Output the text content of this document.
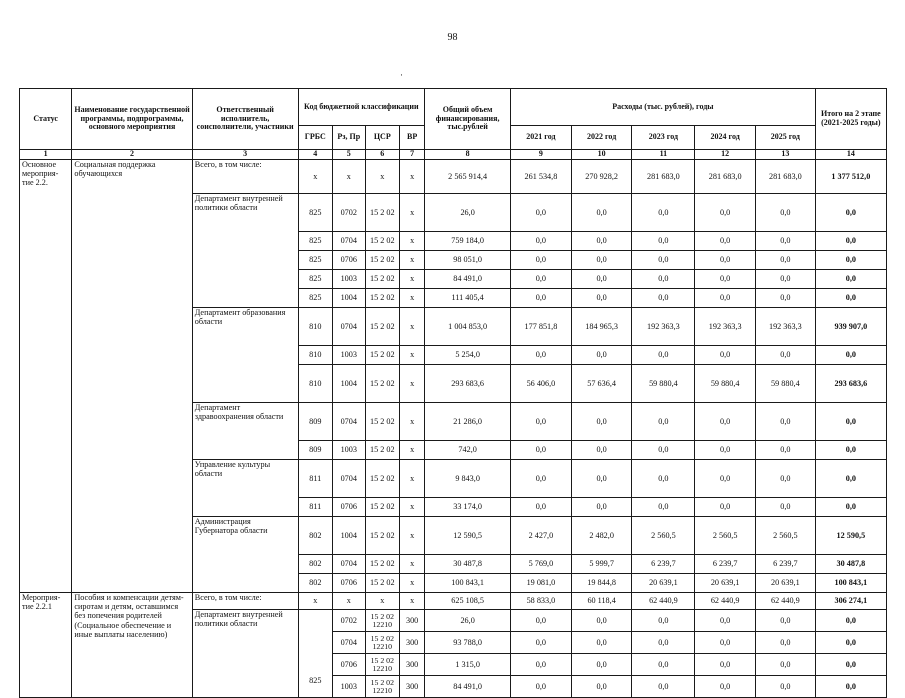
98
·
Статус	Наименование государственной программы, подпрограммы, основного мероприятия	Ответственный исполнитель, соисполнители, участники	Код бюджетной классификации				Общий объем финансирования, тыс.рублей	Расходы (тыс. рублей), годы					Итого на 2 этапе (2021-2025 годы)
			ГРБС	Рз, Пр	ЦСР	ВР		2021 год	2022 год	2023 год	2024 год	2025 год	
1	2	3	4	5	6	7	8	9	10	11	12	13	14
Основное мероприя-тие 2.2.	Социальная поддержка обучающихся	Всего, в том числе:	х	х	х	х	2 565 914,4	261 534,8	270 928,2	281 683,0	281 683,0	281 683,0	1 377 512,0
		Департамент внутренней политики области	825	0702	15 2 02	х	26,0	0,0	0,0	0,0	0,0	0,0	0,0
			825	0704	15 2 02	х	759 184,0	0,0	0,0	0,0	0,0	0,0	0,0
			825	0706	15 2 02	х	98 051,0	0,0	0,0	0,0	0,0	0,0	0,0
			825	1003	15 2 02	х	84 491,0	0,0	0,0	0,0	0,0	0,0	0,0
			825	1004	15 2 02	х	111 405,4	0,0	0,0	0,0	0,0	0,0	0,0
		Департамент образования области	810	0704	15 2 02	х	1 004 853,0	177 851,8	184 965,3	192 363,3	192 363,3	192 363,3	939 907,0
			810	1003	15 2 02	х	5 254,0	0,0	0,0	0,0	0,0	0,0	0,0
			810	1004	15 2 02	х	293 683,6	56 406,0	57 636,4	59 880,4	59 880,4	59 880,4	293 683,6
		Департамент здравоохранения области	809	0704	15 2 02	х	21 286,0	0,0	0,0	0,0	0,0	0,0	0,0
			809	1003	15 2 02	х	742,0	0,0	0,0	0,0	0,0	0,0	0,0
		Управление культуры области	811	0704	15 2 02	х	9 843,0	0,0	0,0	0,0	0,0	0,0	0,0
			811	0706	15 2 02	х	33 174,0	0,0	0,0	0,0	0,0	0,0	0,0
		Администрация Губернатора области	802	1004	15 2 02	х	12 590,5	2 427,0	2 482,0	2 560,5	2 560,5	2 560,5	12 590,5
			802	0704	15 2 02	х	30 487,8	5 769,0	5 999,7	6 239,7	6 239,7	6 239,7	30 487,8
			802	0706	15 2 02	х	100 843,1	19 081,0	19 844,8	20 639,1	20 639,1	20 639,1	100 843,1
Мероприя-тие 2.2.1	Пособия и компенсации детям-сиротам и детям, оставшимся без попечения родителей (Социальное обеспечение и иные выплаты населению)	Всего, в том числе:	х	х	х	х	625 108,5	58 833,0	60 118,4	62 440,9	62 440,9	62 440,9	306 274,1
		Департамент внутренней политики области	825	0702	15 2 02 12210	300	26,0	0,0	0,0	0,0	0,0	0,0	0,0
				0704	15 2 02 12210	300	93 788,0	0,0	0,0	0,0	0,0	0,0	0,0
				0706	15 2 02 12210	300	1 315,0	0,0	0,0	0,0	0,0	0,0	0,0
				1003	15 2 02 12210	300	84 491,0	0,0	0,0	0,0	0,0	0,0	0,0
